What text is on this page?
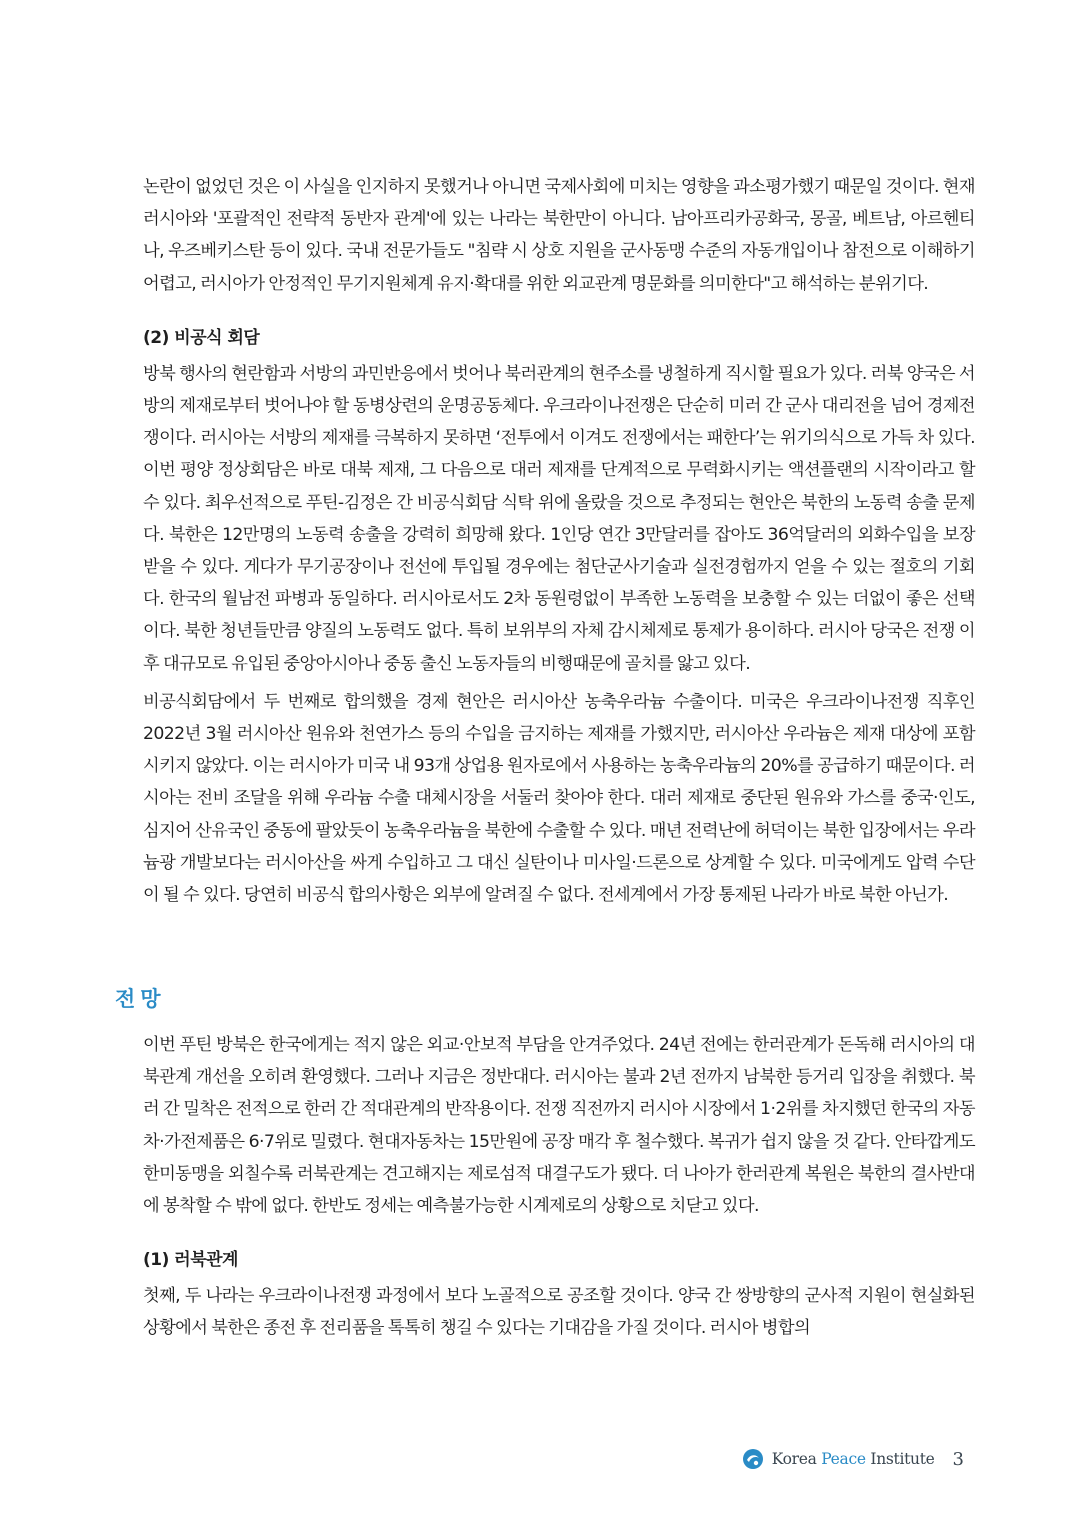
논란이 없었던 것은 이 사실을 인지하지 못했거나 아니면 국제사회에 미치는 영향을 과소평가했기 때문일 것이다. 현재 러시아와 '포괄적인 전략적 동반자 관계'에 있는 나라는 북한만이 아니다. 남아프리카공화국, 몽골, 베트남, 아르헨티나, 우즈베키스탄 등이 있다. 국내 전문가들도 "침략 시 상호 지원을 군사동맹 수준의 자동개입이나 참전으로 이해하기 어렵고, 러시아가 안정적인 무기지원체계 유지·확대를 위한 외교관계 명문화를 의미한다"고 해석하는 분위기다.

(2) 비공식 회담

방북 행사의 현란함과 서방의 과민반응에서 벗어나 북러관계의 현주소를 냉철하게 직시할 필요가 있다. 러북 양국은 서방의 제재로부터 벗어나야 할 동병상련의 운명공동체다. 우크라이나전쟁은 단순히 미러 간 군사 대리전을 넘어 경제전쟁이다. 러시아는 서방의 제재를 극복하지 못하면 ‘전투에서 이겨도 전쟁에서는 패한다’는 위기의식으로 가득 차 있다. 이번 평양 정상회담은 바로 대북 제재, 그 다음으로 대러 제재를 단계적으로 무력화시키는 액션플랜의 시작이라고 할 수 있다. 최우선적으로 푸틴-김정은 간 비공식회담 식탁 위에 올랐을 것으로 추정되는 현안은 북한의 노동력 송출 문제다. 북한은 12만명의 노동력 송출을 강력히 희망해 왔다. 1인당 연간 3만달러를 잡아도 36억달러의 외화수입을 보장받을 수 있다. 게다가 무기공장이나 전선에 투입될 경우에는 첨단군사기술과 실전경험까지 얻을 수 있는 절호의 기회다. 한국의 월남전 파병과 동일하다. 러시아로서도 2차 동원령없이 부족한 노동력을 보충할 수 있는 더없이 좋은 선택이다. 북한 청년들만큼 양질의 노동력도 없다. 특히 보위부의 자체 감시체제로 통제가 용이하다. 러시아 당국은 전쟁 이후 대규모로 유입된 중앙아시아나 중동 출신 노동자들의 비행때문에 골치를 앓고 있다.

비공식회담에서 두 번째로 합의했을 경제 현안은 러시아산 농축우라늄 수출이다. 미국은 우크라이나전쟁 직후인 2022년 3월 러시아산 원유와 천연가스 등의 수입을 금지하는 제재를 가했지만, 러시아산 우라늄은 제재 대상에 포함시키지 않았다. 이는 러시아가 미국 내 93개 상업용 원자로에서 사용하는 농축우라늄의 20%를 공급하기 때문이다. 러시아는 전비 조달을 위해 우라늄 수출 대체시장을 서둘러 찾아야 한다. 대러 제재로 중단된 원유와 가스를 중국·인도, 심지어 산유국인 중동에 팔았듯이 농축우라늄을 북한에 수출할 수 있다. 매년 전력난에 허덕이는 북한 입장에서는 우라늄광 개발보다는 러시아산을 싸게 수입하고 그 대신 실탄이나 미사일·드론으로 상계할 수 있다. 미국에게도 압력 수단이 될 수 있다. 당연히 비공식 합의사항은 외부에 알려질 수 없다. 전세계에서 가장 통제된 나라가 바로 북한 아닌가.

전망

이번 푸틴 방북은 한국에게는 적지 않은 외교·안보적 부담을 안겨주었다. 24년 전에는 한러관계가 돈독해 러시아의 대북관계 개선을 오히려 환영했다. 그러나 지금은 정반대다. 러시아는 불과 2년 전까지 남북한 등거리 입장을 취했다. 북러 간 밀착은 전적으로 한러 간 적대관계의 반작용이다. 전쟁 직전까지 러시아 시장에서 1·2위를 차지했던 한국의 자동차·가전제품은 6·7위로 밀렸다. 현대자동차는 15만원에 공장 매각 후 철수했다. 복귀가 쉽지 않을 것 같다. 안타깝게도 한미동맹을 외칠수록 러북관계는 견고해지는 제로섬적 대결구도가 됐다. 더 나아가 한러관계 복원은 북한의 결사반대에 봉착할 수 밖에 없다. 한반도 정세는 예측불가능한 시계제로의 상황으로 치닫고 있다.

(1) 러북관계

첫째, 두 나라는 우크라이나전쟁 과정에서 보다 노골적으로 공조할 것이다. 양국 간 쌍방향의 군사적 지원이 현실화된 상황에서 북한은 종전 후 전리품을 톡톡히 챙길 수 있다는 기대감을 가질 것이다. 러시아 병합의

Korea Peace Institute 3
